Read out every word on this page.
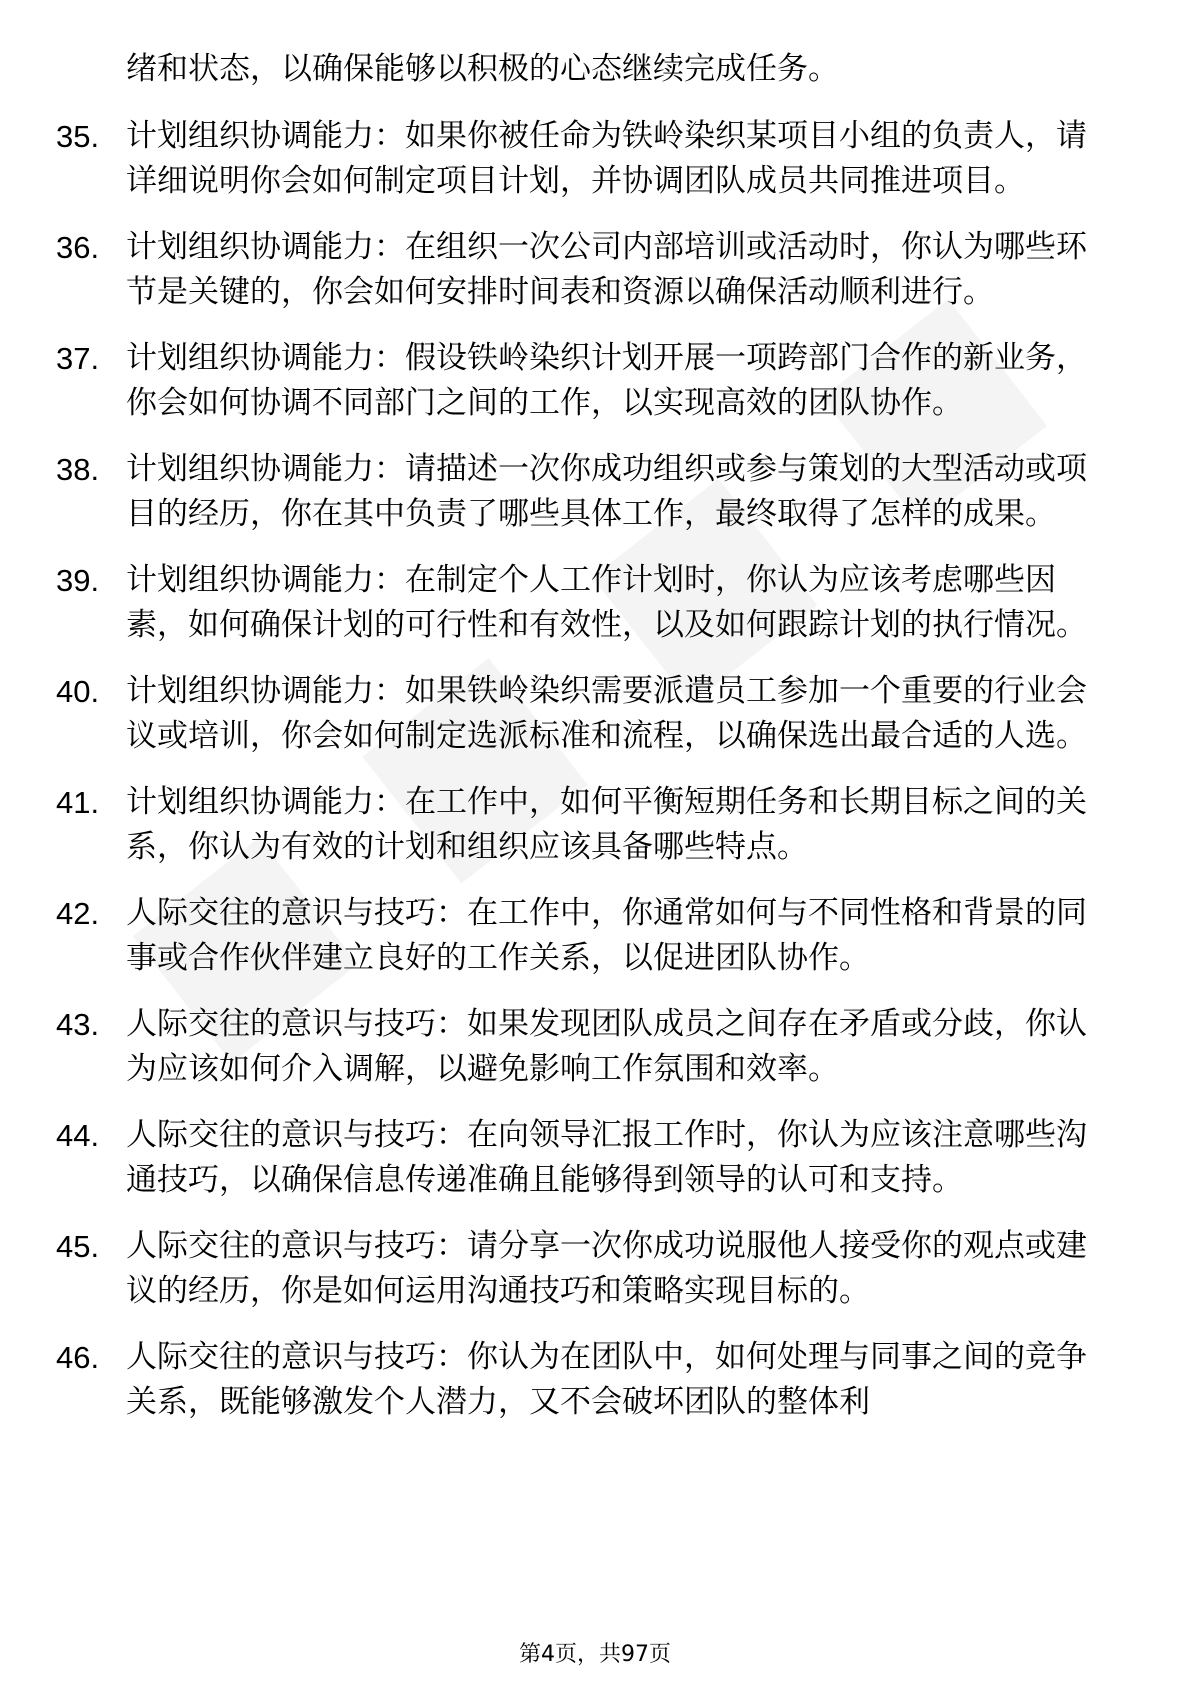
绪和状态，以确保能够以积极的心态继续完成任务。

35. 计划组织协调能力：如果你被任命为铁岭染织某项目小组的负责人，请详细说明你会如何制定项目计划，并协调团队成员共同推进项目。
36. 计划组织协调能力：在组织一次公司内部培训或活动时，你认为哪些环节是关键的，你会如何安排时间表和资源以确保活动顺利进行。
37. 计划组织协调能力：假设铁岭染织计划开展一项跨部门合作的新业务，你会如何协调不同部门之间的工作，以实现高效的团队协作。
38. 计划组织协调能力：请描述一次你成功组织或参与策划的大型活动或项目的经历，你在其中负责了哪些具体工作，最终取得了怎样的成果。
39. 计划组织协调能力：在制定个人工作计划时，你认为应该考虑哪些因素，如何确保计划的可行性和有效性，以及如何跟踪计划的执行情况。
40. 计划组织协调能力：如果铁岭染织需要派遣员工参加一个重要的行业会议或培训，你会如何制定选派标准和流程，以确保选出最合适的人选。
41. 计划组织协调能力：在工作中，如何平衡短期任务和长期目标之间的关系，你认为有效的计划和组织应该具备哪些特点。
42. 人际交往的意识与技巧：在工作中，你通常如何与不同性格和背景的同事或合作伙伴建立良好的工作关系，以促进团队协作。
43. 人际交往的意识与技巧：如果发现团队成员之间存在矛盾或分歧，你认为应该如何介入调解，以避免影响工作氛围和效率。
44. 人际交往的意识与技巧：在向领导汇报工作时，你认为应该注意哪些沟通技巧，以确保信息传递准确且能够得到领导的认可和支持。
45. 人际交往的意识与技巧：请分享一次你成功说服他人接受你的观点或建议的经历，你是如何运用沟通技巧和策略实现目标的。
46. 人际交往的意识与技巧：你认为在团队中，如何处理与同事之间的竞争关系，既能够激发个人潜力，又不会破坏团队的整体利
第4页，共97页
